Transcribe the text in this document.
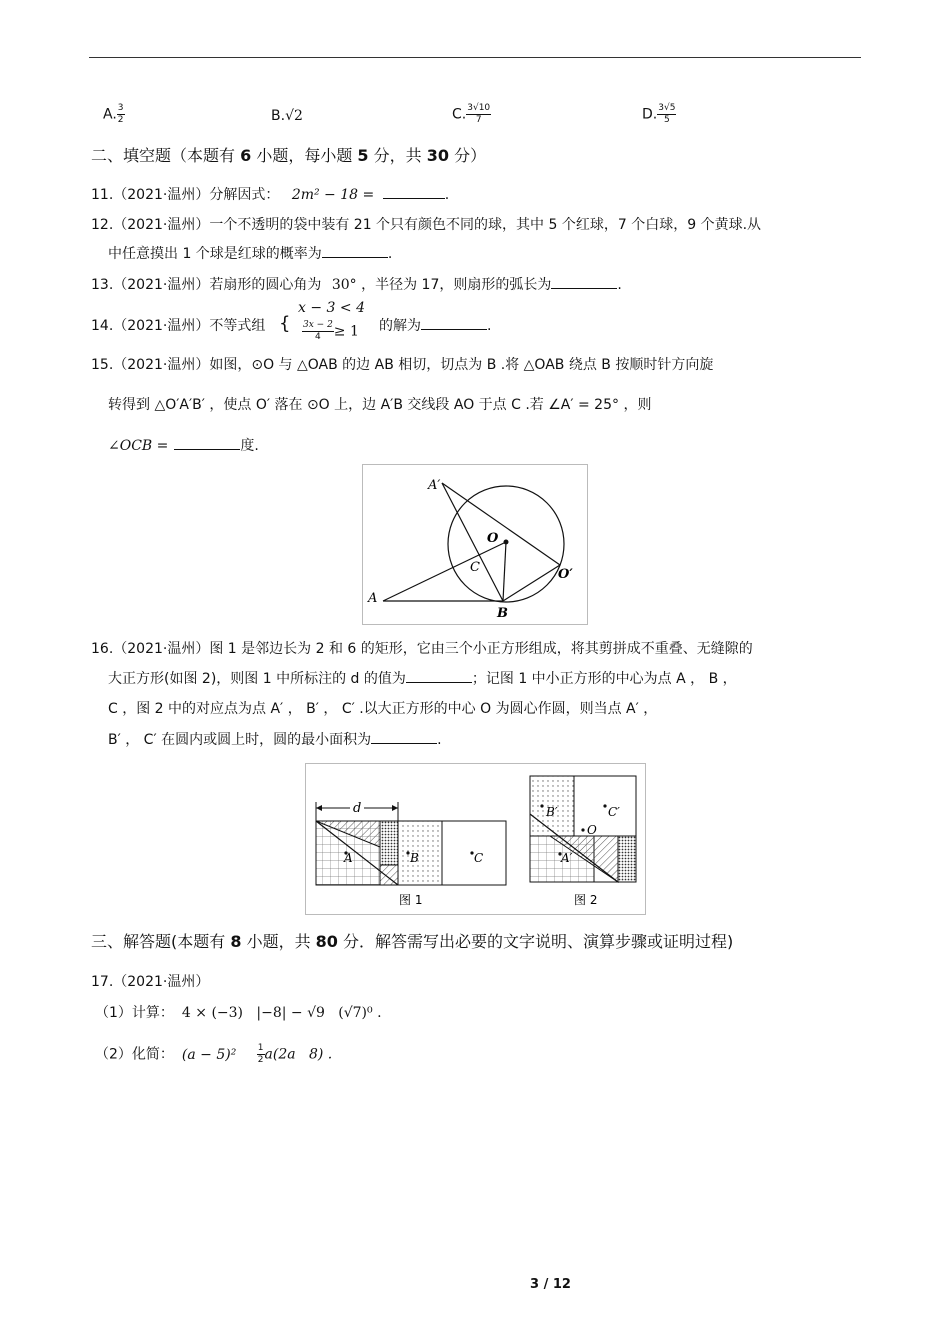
A. $\frac{3}{2}$	B.√2	C. $\frac{3√10}{7}$	D. $\frac{3√5}{5}$
二、填空题（本题有 6 小题，每小题 5 分，共 30 分）
11.（2021·温州）分解因式： 2m² − 18 =	.
12.（2021·温州）一个不透明的袋中装有 21 个只有颜色不同的球，其中 5 个红球，7 个白球，9 个黄球.从
中任意摸出 1 个球是红球的概率为	.
13.（2021·温州）若扇形的圆心角为 30° ，半径为 17，则扇形的弧长为	.
14.（2021·温州）不等式组 {
x − 3 < 4
$\frac{3x - 2}{4} \ge 1$ 的解为	.
15.（2021·温州）如图，⊙O 与 △OAB 的边 AB 相切，切点为 B .将 △OAB 绕点 B 按顺时针方向旋
转得到 △O′A′B′ ，使点 O′ 落在 ⊙O 上，边 A′B 交线段 AO 于点 C .若 ∠A′ = 25° ，则
∠OCB =	度.
A′
O
C	O′
A
B
16.（2021·温州）图 1 是邻边长为 2 和 6 的矩形，它由三个小正方形组成，将其剪拼成不重叠、无缝隙的
大正方形(如图 2)，则图 1 中所标注的 d 的值为	；记图 1 中小正方形的中心为点 A ， B ，
C ，图 2 中的对应点为点 A′ ， B′ ， C′ .以大正方形的中心 O 为圆心作圆，则当点 A′ ，
B′ ， C′ 在圆内或圆上时，圆的最小面积为	.
d
A	B	C
图 1
B′	C′
O
A′
图 2
三、解答题(本题有 8 小题，共 80 分．解答需写出必要的文字说明、演算步骤或证明过程)
17.（2021·温州）
（1）计算： 4 × (−3)   |−8| − √9   (√7)⁰ .
（2）化简： $(a - 5)^2 \frac{1}{2} a(2a$   8) .
3 / 12
